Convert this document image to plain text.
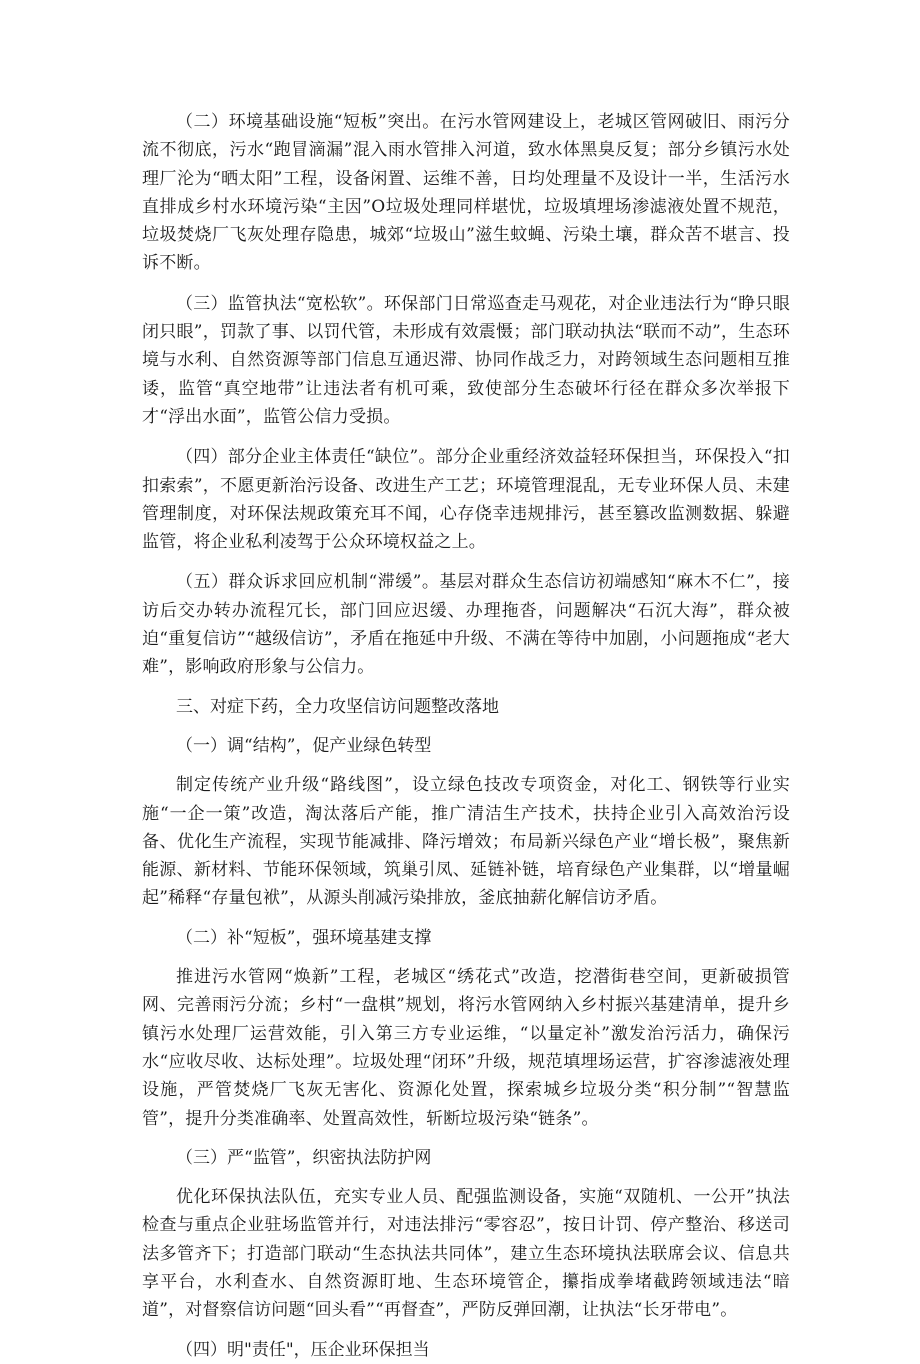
（二）环境基础设施“短板”突出。在污水管网建设上，老城区管网破旧、雨污分流不彻底，污水“跑冒滴漏”混入雨水管排入河道，致水体黑臭反复；部分乡镇污水处理厂沦为“晒太阳”工程，设备闲置、运维不善，日均处理量不及设计一半，生活污水直排成乡村水环境污染“主因”O垃圾处理同样堪忧，垃圾填埋场渗滤液处置不规范，垃圾焚烧厂飞灰处理存隐患，城郊“垃圾山”滋生蚊蝇、污染土壤，群众苦不堪言、投诉不断。

（三）监管执法“宽松软”。环保部门日常巡查走马观花，对企业违法行为“睁只眼闭只眼”，罚款了事、以罚代管，未形成有效震慑；部门联动执法“联而不动”，生态环境与水利、自然资源等部门信息互通迟滞、协同作战乏力，对跨领域生态问题相互推诿，监管“真空地带”让违法者有机可乘，致使部分生态破坏行径在群众多次举报下才“浮出水面”，监管公信力受损。

（四）部分企业主体责任“缺位”。部分企业重经济效益轻环保担当，环保投入“扣扣索索”，不愿更新治污设备、改进生产工艺；环境管理混乱，无专业环保人员、未建管理制度，对环保法规政策充耳不闻，心存侥幸违规排污，甚至篡改监测数据、躲避监管，将企业私利凌驾于公众环境权益之上。

（五）群众诉求回应机制“滞缓”。基层对群众生态信访初端感知“麻木不仁”，接访后交办转办流程冗长，部门回应迟缓、办理拖沓，问题解决“石沉大海”，群众被迫“重复信访”“越级信访”，矛盾在拖延中升级、不满在等待中加剧，小问题拖成“老大难”，影响政府形象与公信力。

三、对症下药，全力攻坚信访问题整改落地

（一）调“结构”，促产业绿色转型

制定传统产业升级“路线图”，设立绿色技改专项资金，对化工、钢铁等行业实施“一企一策”改造，淘汰落后产能，推广清洁生产技术，扶持企业引入高效治污设备、优化生产流程，实现节能减排、降污增效；布局新兴绿色产业“增长极”，聚焦新能源、新材料、节能环保领域，筑巢引凤、延链补链，培育绿色产业集群，以“增量崛起”稀释“存量包袱”，从源头削减污染排放，釜底抽薪化解信访矛盾。

（二）补“短板”，强环境基建支撑

推进污水管网“焕新”工程，老城区“绣花式”改造，挖潜街巷空间，更新破损管网、完善雨污分流；乡村“一盘棋”规划，将污水管网纳入乡村振兴基建清单，提升乡镇污水处理厂运营效能，引入第三方专业运维，“以量定补”激发治污活力，确保污水“应收尽收、达标处理”。垃圾处理“闭环”升级，规范填埋场运营，扩容渗滤液处理设施，严管焚烧厂飞灰无害化、资源化处置，探索城乡垃圾分类“积分制”“智慧监管”，提升分类准确率、处置高效性，斩断垃圾污染“链条”。

（三）严“监管”，织密执法防护网

优化环保执法队伍，充实专业人员、配强监测设备，实施“双随机、一公开”执法检查与重点企业驻场监管并行，对违法排污“零容忍”，按日计罚、停产整治、移送司法多管齐下；打造部门联动“生态执法共同体”，建立生态环境执法联席会议、信息共享平台，水利查水、自然资源盯地、生态环境管企，攥指成拳堵截跨领域违法“暗道”，对督察信访问题“回头看”“再督查”，严防反弹回潮，让执法“长牙带电”。

（四）明"责任"，压企业环保担当
